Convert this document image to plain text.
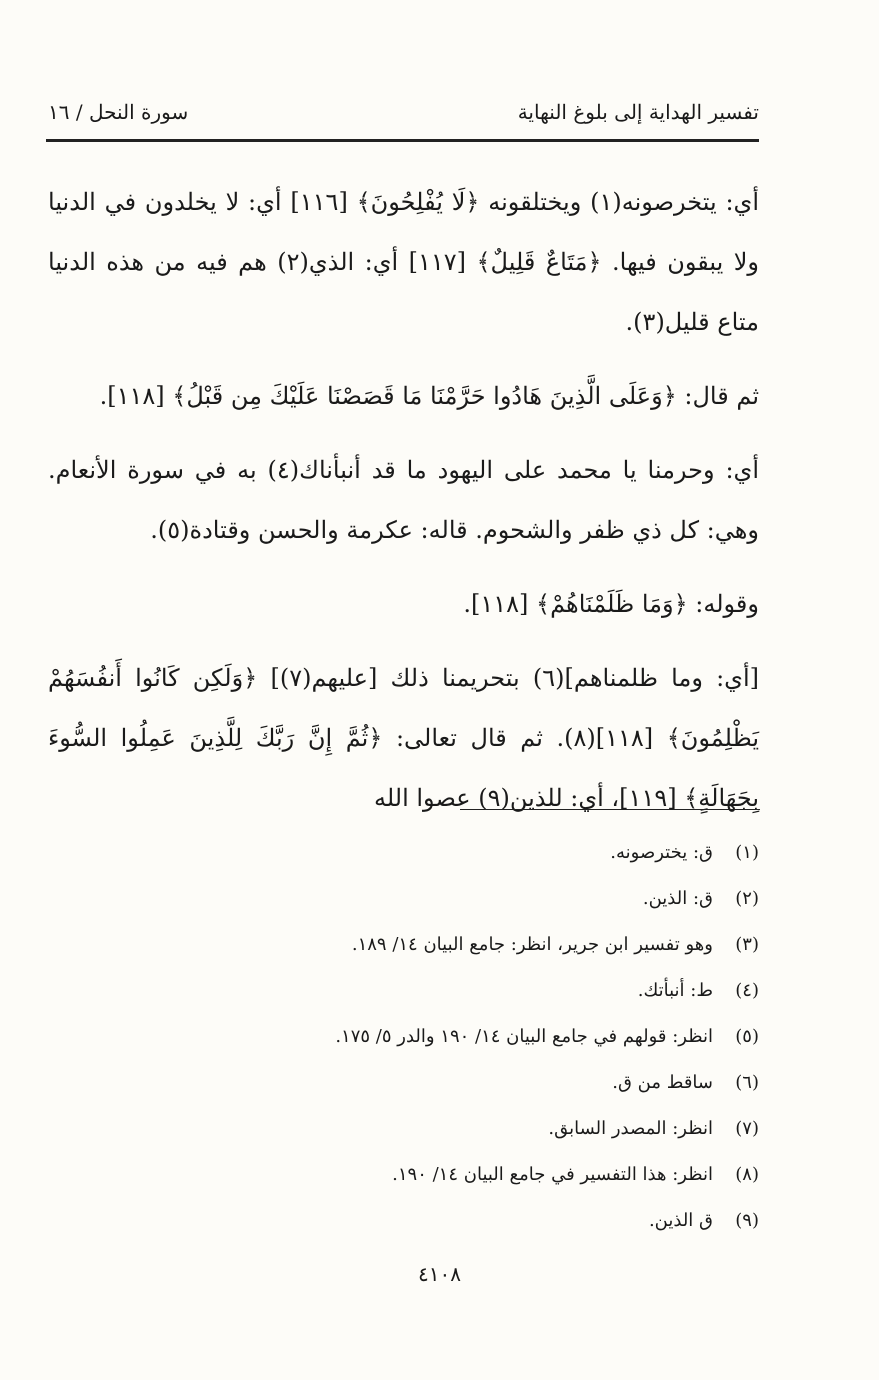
تفسير الهداية إلى بلوغ النهاية
سورة النحل / ١٦

أي: يتخرصونه(١) ويختلقونه ﴿لَا يُفْلِحُونَ﴾ [١١٦] أي: لا يخلدون في الدنيا ولا يبقون فيها. ﴿مَتَاعٌ قَلِيلٌ﴾ [١١٧] أي: الذي(٢) هم فيه من هذه الدنيا متاع قليل(٣).

ثم قال: ﴿وَعَلَى الَّذِينَ هَادُوا حَرَّمْنَا مَا قَصَصْنَا عَلَيْكَ مِن قَبْلُ﴾ [١١٨].

أي: وحرمنا يا محمد على اليهود ما قد أنبأناك(٤) به في سورة الأنعام. وهي: كل ذي ظفر والشحوم. قاله: عكرمة والحسن وقتادة(٥).

وقوله: ﴿وَمَا ظَلَمْنَاهُمْ﴾ [١١٨].

[أي: وما ظلمناهم](٦) بتحريمنا ذلك [عليهم(٧)] ﴿وَلَكِن كَانُوا أَنفُسَهُمْ يَظْلِمُونَ﴾ [١١٨](٨). ثم قال تعالى: ﴿ثُمَّ إِنَّ رَبَّكَ لِلَّذِينَ عَمِلُوا السُّوءَ بِجَهَالَةٍ﴾ [١١٩]، أي: للذين(٩) عصوا الله

(١)
ق: يخترصونه.
(٢)
ق: الذين.
(٣)
وهو تفسير ابن جرير، انظر: جامع البيان ١٤/ ١٨٩.
(٤)
ط: أنبأتك.
(٥)
انظر: قولهم في جامع البيان ١٤/ ١٩٠ والدر ٥/ ١٧٥.
(٦)
ساقط من ق.
(٧)
انظر: المصدر السابق.
(٨)
انظر: هذا التفسير في جامع البيان ١٤/ ١٩٠.
(٩)
ق الذين.
٤١٠٨
